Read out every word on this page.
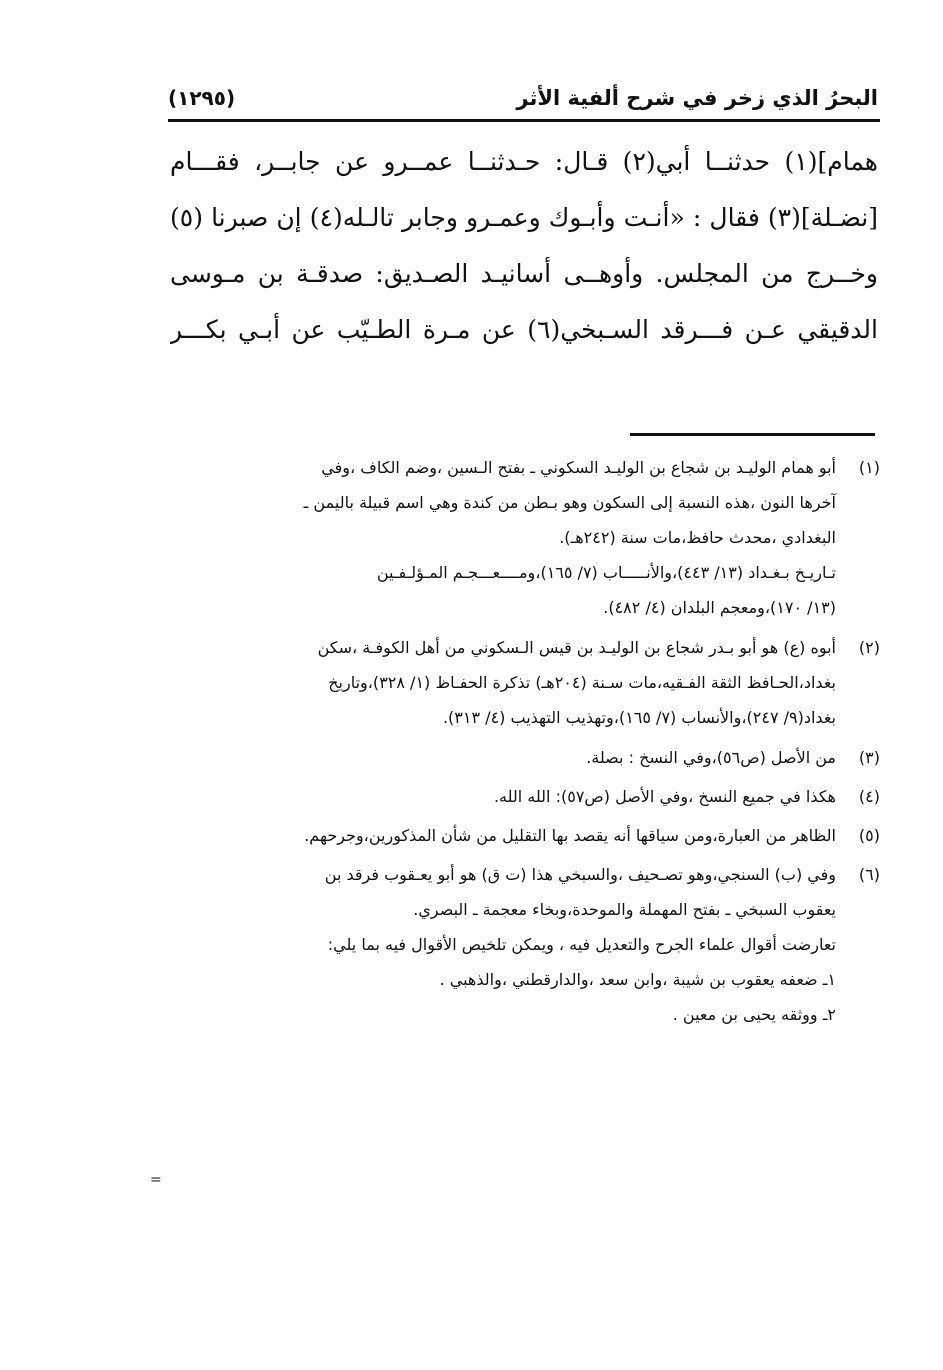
البحرُ الذي زخر في شرح ألفية الأثر
(١٢٩٥)
همام](١) حدثنــا أبي(٢) قـال: حـدثنــا عمــرو عن جابــر، فقـــام
[نضـلة](٣) فقال : «أنـت وأبـوك وعمـرو وجابر تالـله(٤) إن صبرنا (٥)
وخــرج من المجلس. وأوهــى أسانيـد الصـديق: صدقـة بن مـوسى
الدقيقي عـن فـــرقد السـبخي(٦) عن مـرة الطـيّب عن أبـي بكـــر
(١)
أبو همام الوليـد بن شجاع بن الوليـد السكوني ـ بفتح الـسين ،وضم الكاف ،وفي
آخرها النون ،هذه النسبة إلى السكون وهو بـطن من كندة وهي اسم قبيلة باليمن ـ
البغدادي ،محدث حافظ،مات سنة (٢٤٢هـ).
تـاريـخ بـغـداد (١٣/ ٤٤٣)،والأنـــــاب (٧/ ١٦٥)،ومــــعـــجـم المـؤلـفـين
(١٣/ ١٧٠)،ومعجم البلدان (٤/ ٤٨٢).
(٢)
أبوه (ع) هو أبو بـدر شجاع بن الوليـد بن قيس الـسكوني من أهل الكوفـة ،سكن
بغداد،الحـافظ الثقة الفـقيه،مات سـنة (٢٠٤هـ) تذكرة الحفـاظ (١/ ٣٢٨)،وتاريخ
بغداد(٩/ ٢٤٧)،والأنساب (٧/ ١٦٥)،وتهذيب التهذيب (٤/ ٣١٣).
(٣)
من الأصل (ص٥٦)،وفي النسخ : بصلة.
(٤)
هكذا في جميع النسخ ،وفي الأصل (ص٥٧): الله الله.
(٥)
الظاهر من العبارة،ومن سياقها أنه يقصد بها التقليل من شأن المذكورين،وجرحهم.
(٦)
وفي (ب) السنجي،وهو تصـحيف ،والسبخي هذا (ت ق) هو أبو يعـقوب فرقد بن
يعقوب السبخي ـ بفتح المهملة والموحدة،وبخاء معجمة ـ البصري.
تعارضت أقوال علماء الجرح والتعديل فيه ، ويمكن تلخيص الأقوال فيه بما يلي:
١ـ ضعفه يعقوب بن شيبة ،وابن سعد ،والدارقطني ،والذهبي .
٢ـ ووثقه يحيى بن معين .
=
